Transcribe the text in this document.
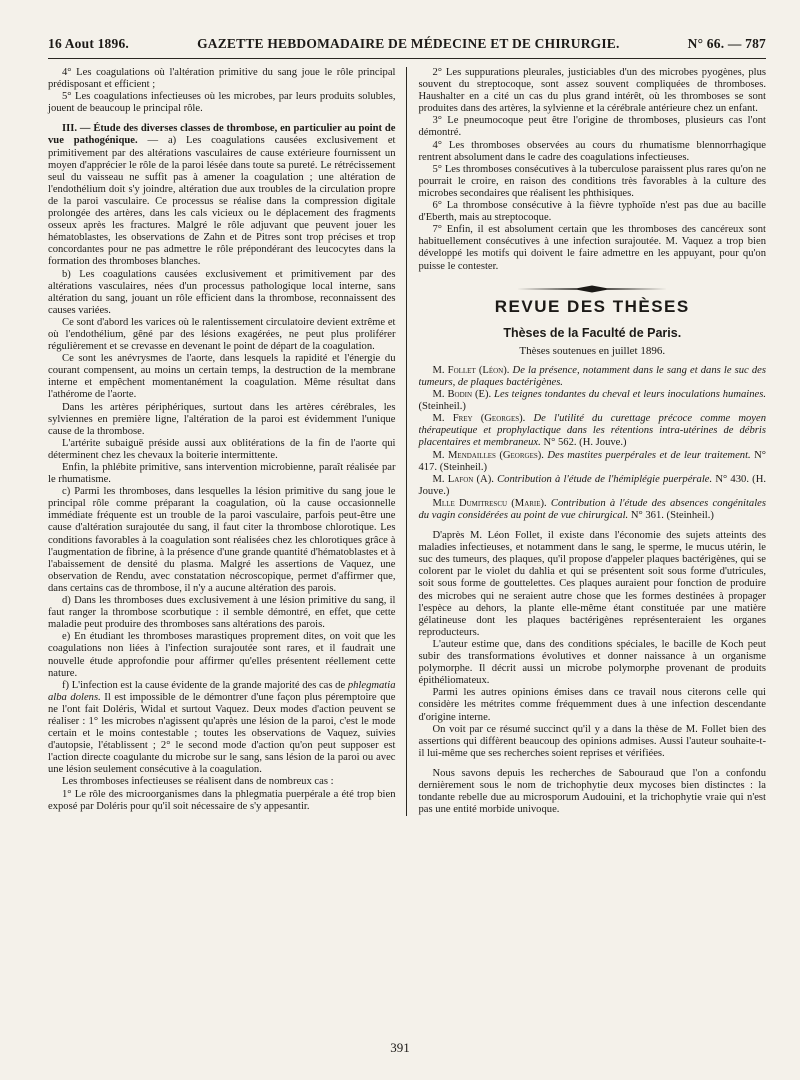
16 Aout 1896.	GAZETTE HEBDOMADAIRE DE MÉDECINE ET DE CHIRURGIE.	N° 66. — 787

4° Les coagulations où l'altération primitive du sang joue le rôle principal prédisposant et efficient ;

5° Les coagulations infectieuses où les microbes, par leurs produits solubles, jouent de beaucoup le principal rôle.

III. — Étude des diverses classes de thrombose, en particulier au point de vue pathogénique. — a) Les coagulations causées exclusivement et primitivement par des altérations vasculaires de cause extérieure fournissent un moyen d'apprécier le rôle de la paroi lésée dans toute sa pureté. Le rétrécissement seul du vaisseau ne suffit pas à amener la coagulation ; une altération de l'endothélium doit s'y joindre, altération due aux troubles de la circulation propre de la paroi vasculaire. Ce processus se réalise dans la compression digitale prolongée des artères, dans les cals vicieux ou le déplacement des fragments osseux après les fractures. Malgré le rôle adjuvant que peuvent jouer les hématoblastes, les observations de Zahn et de Pitres sont trop précises et trop concordantes pour ne pas admettre le rôle prépondérant des leucocytes dans la formation des thromboses blanches.

b) Les coagulations causées exclusivement et primitivement par des altérations vasculaires, nées d'un processus pathologique local interne, sans altération du sang, jouant un rôle efficient dans la thrombose, reconnaissent des causes variées.

Ce sont d'abord les varices où le ralentissement circulatoire devient extrême et où l'endothélium, gêné par des lésions exagérées, ne peut plus proliférer régulièrement et se crevasse en devenant le point de départ de la coagulation.

Ce sont les anévrysmes de l'aorte, dans lesquels la rapidité et l'énergie du courant compensent, au moins un certain temps, la destruction de la membrane interne et empêchent momentanément la coagulation. Même résultat dans l'athérome de l'aorte.

Dans les artères périphériques, surtout dans les artères cérébrales, les sylviennes en première ligne, l'altération de la paroi est évidemment l'unique cause de la thrombose.

L'artérite subaiguë préside aussi aux oblitérations de la fin de l'aorte qui déterminent chez les chevaux la boiterie intermittente.

Enfin, la phlébite primitive, sans intervention microbienne, paraît réalisée par le rhumatisme.

c) Parmi les thromboses, dans lesquelles la lésion primitive du sang joue le principal rôle comme préparant la coagulation, où la cause occasionnelle immédiate fréquente est un trouble de la paroi vasculaire, parfois peut-être une cause d'altération surajoutée du sang, il faut citer la thrombose chlorotique. Les conditions favorables à la coagulation sont réalisées chez les chlorotiques grâce à l'augmentation de fibrine, à la présence d'une grande quantité d'hématoblastes et à l'abaissement de densité du plasma. Malgré les assertions de Vaquez, une observation de Rendu, avec constatation nécroscopique, permet d'affirmer que, dans certains cas de thrombose, il n'y a aucune altération des parois.

d) Dans les thromboses dues exclusivement à une lésion primitive du sang, il faut ranger la thrombose scorbutique : il semble démontré, en effet, que cette maladie peut produire des thromboses sans altérations des parois.

e) En étudiant les thromboses marastiques proprement dites, on voit que les coagulations non liées à l'infection surajoutée sont rares, et il faudrait une nouvelle étude approfondie pour affirmer qu'elles présentent réellement cette nature.

f) L'infection est la cause évidente de la grande majorité des cas de phlegmatia alba dolens. Il est impossible de le démontrer d'une façon plus péremptoire que ne l'ont fait Doléris, Widal et surtout Vaquez. Deux modes d'action peuvent se réaliser : 1° les microbes n'agissent qu'après une lésion de la paroi, c'est le mode certain et le moins contestable ; toutes les observations de Vaquez, suivies d'autopsie, l'établissent ; 2° le second mode d'action qu'on peut supposer est l'action directe coagulante du microbe sur le sang, sans lésion de la paroi ou avec une lésion seulement consécutive à la coagulation.

Les thromboses infectieuses se réalisent dans de nombreux cas :

1° Le rôle des microorganismes dans la phlegmatia puerpérale a été trop bien exposé par Doléris pour qu'il soit nécessaire de s'y appesantir.

2° Les suppurations pleurales, justiciables d'un des microbes pyogènes, plus souvent du streptocoque, sont assez souvent compliquées de thromboses. Haushalter en a cité un cas du plus grand intérêt, où les thromboses se sont produites dans des artères, la sylvienne et la cérébrale antérieure chez un enfant.

3° Le pneumocoque peut être l'origine de thromboses, plusieurs cas l'ont démontré.

4° Les thromboses observées au cours du rhumatisme blennorrhagique rentrent absolument dans le cadre des coagulations infectieuses.

5° Les thromboses consécutives à la tuberculose paraissent plus rares qu'on ne pourrait le croire, en raison des conditions très favorables à la culture des microbes secondaires que réalisent les phthisiques.

6° La thrombose consécutive à la fièvre typhoïde n'est pas due au bacille d'Eberth, mais au streptocoque.

7° Enfin, il est absolument certain que les thromboses des cancéreux sont habituellement consécutives à une infection surajoutée. M. Vaquez a trop bien développé les motifs qui doivent le faire admettre en les appuyant, pour qu'on puisse le contester.

REVUE DES THÈSES
Thèses de la Faculté de Paris.
Thèses soutenues en juillet 1896.

M. Follet (Léon). De la présence, notamment dans le sang et dans le suc des tumeurs, de plaques bactérigènes.

M. Bodin (E). Les teignes tondantes du cheval et leurs inoculations humaines. (Steinheil.)

M. Frey (Georges). De l'utilité du curettage précoce comme moyen thérapeutique et prophylactique dans les rétentions intra-utérines de débris placentaires et membraneux. N° 562. (H. Jouve.)

M. Mendailles (Georges). Des mastites puerpérales et de leur traitement. N° 417. (Steinheil.)

M. Lafon (A). Contribution à l'étude de l'hémiplégie puerpérale. N° 430. (H. Jouve.)

Mlle Dumitrescu (Marie). Contribution à l'étude des absences congénitales du vagin considérées au point de vue chirurgical. N° 361. (Steinheil.)

D'après M. Léon Follet, il existe dans l'économie des sujets atteints des maladies infectieuses, et notamment dans le sang, le sperme, le mucus utérin, le suc des tumeurs, des plaques, qu'il propose d'appeler plaques bactérigènes, qui se colorent par le violet du dahlia et qui se présentent soit sous forme d'utricules, soit sous forme de gouttelettes. Ces plaques auraient pour fonction de produire des microbes qui ne seraient autre chose que les formes destinées à propager l'espèce au dehors, la plante elle-même étant constituée par une matière gélatineuse dont les plaques bactérigènes représenteraient les organes reproducteurs.

L'auteur estime que, dans des conditions spéciales, le bacille de Koch peut subir des transformations évolutives et donner naissance à un organisme polymorphe. Il décrit aussi un microbe polymorphe provenant de produits épithéliomateux.

Parmi les autres opinions émises dans ce travail nous citerons celle qui considère les métrites comme fréquemment dues à une infection descendante d'origine interne.

On voit par ce résumé succinct qu'il y a dans la thèse de M. Follet bien des assertions qui diffèrent beaucoup des opinions admises. Aussi l'auteur souhaite-t-il lui-même que ses recherches soient reprises et vérifiées.

Nous savons depuis les recherches de Sabouraud que l'on a confondu dernièrement sous le nom de trichophytie deux mycoses bien distinctes : la tondante rebelle due au microsporum Audouini, et la trichophytie vraie qui n'est pas une entité morbide univoque.

391
